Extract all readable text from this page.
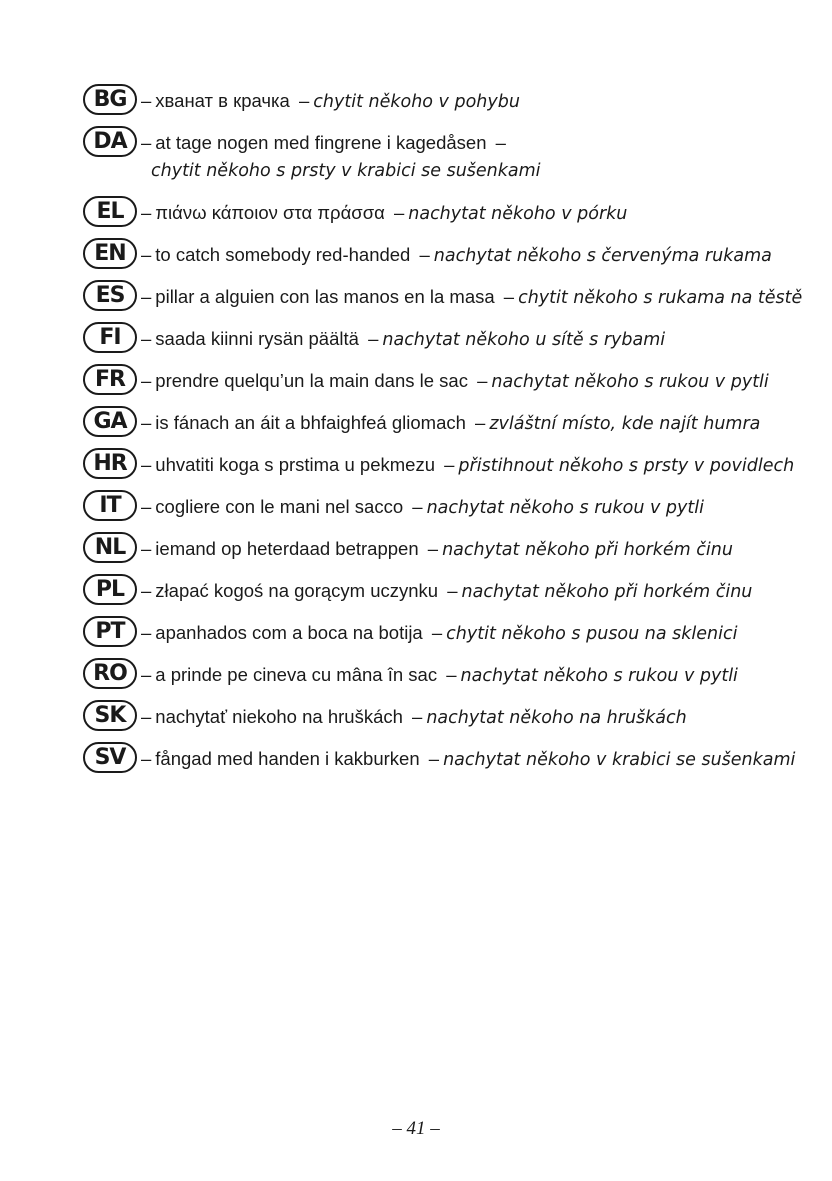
BG – хванат в крачка – chytit někoho v pohybu
DA – at tage nogen med fingrene i kagedåsen –
chytit někoho s prsty v krabici se sušenkami
EL – πιάνω κάποιον στα πράσσα – nachytat někoho v pórku
EN – to catch somebody red-handed – nachytat někoho s červenýma rukama
ES – pillar a alguien con las manos en la masa – chytit někoho s rukama na těstě
FI	– saada kiinni rysän päältä – nachytat někoho u sítě s rybami
FR – prendre quelqu’un la main dans le sac – nachytat někoho s rukou v pytli
GA – is fánach an áit a bhfaighfeá gliomach – zvláštní místo, kde najít humra
HR – uhvatiti koga s prstima u pekmezu – přistihnout někoho s prsty v povidlech
IT	– cogliere con le mani nel sacco – nachytat někoho s rukou v pytli
NL – iemand op heterdaad betrappen – nachytat někoho při horkém činu
PL – złapać kogoś na gorącym uczynku – nachytat někoho při horkém činu
PT – apanhados com a boca na botija – chytit někoho s pusou na sklenici
RO – a prinde pe cineva cu mâna în sac – nachytat někoho s rukou v pytli
SK – nachytať niekoho na hruškách – nachytat někoho na hruškách
SV – fångad med handen i kakburken – nachytat někoho v krabici se sušenkami
– 41 –
